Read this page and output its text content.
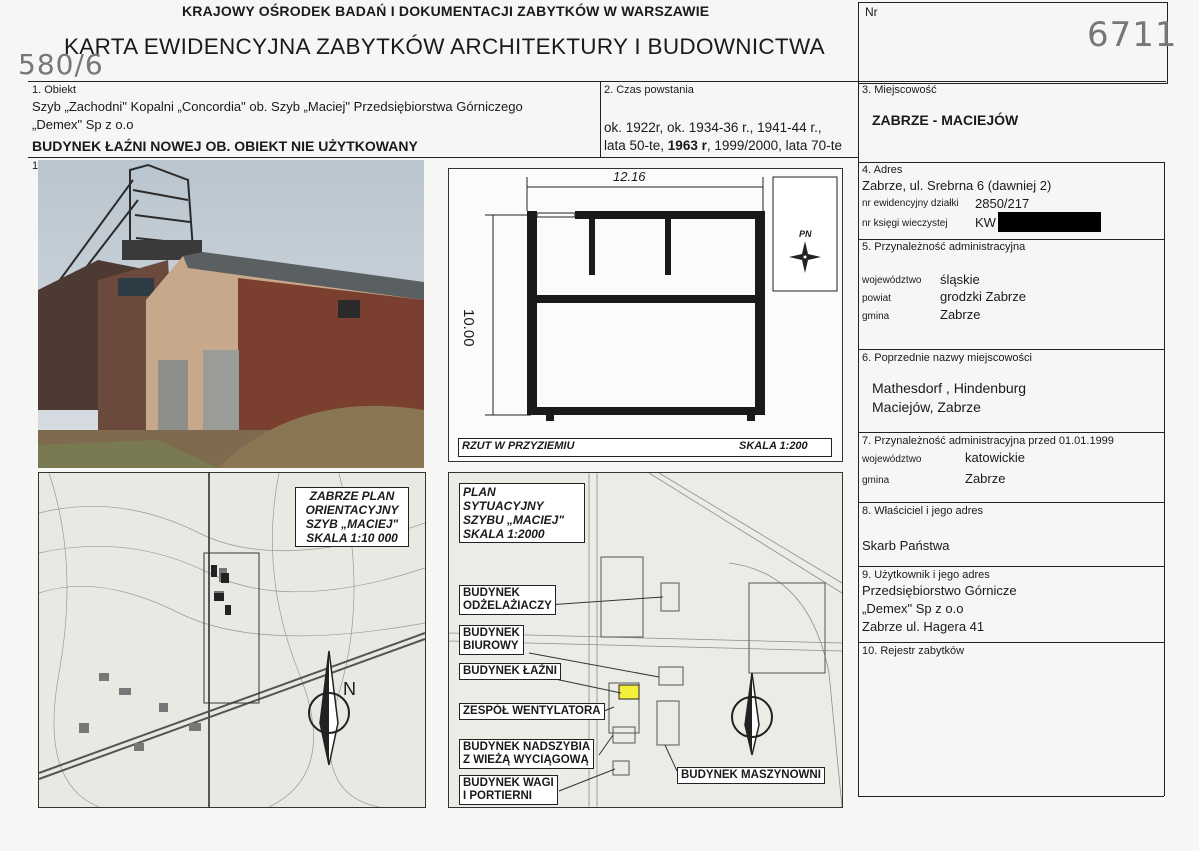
KRAJOWY OŚRODEK BADAŃ I DOKUMENTACJI ZABYTKÓW W WARSZAWIE
KARTA EWIDENCYJNA ZABYTKÓW ARCHITEKTURY I BUDOWNICTWA
580/6
Nr
6711
1. Obiekt
Szyb „Zachodni" Kopalni „Concordia" ob. Szyb „Maciej" Przedsiębiorstwa Górniczego
„Demex" Sp z o.o
BUDYNEK ŁAŹNI NOWEJ OB. OBIEKT NIE UŻYTKOWANY
2. Czas powstania
ok. 1922r, ok. 1934-36 r., 1941-44 r.,
lata 50-te, 1963 r, 1999/2000, lata 70-te
3. Miejscowość
ZABRZE - MACIEJÓW
4. Adres
Zabrze, ul. Srebrna 6 (dawniej 2)
nr ewidencyjny działki 2850/217
nr księgi wieczystej KW
5. Przynależność administracyjna
województwo śląskie
powiat	grodzki Zabrze
gmina	Zabrze
6. Poprzednie nazwy miejscowości
Mathesdorf , Hindenburg
Maciejów, Zabrze
7. Przynależność administracyjna przed 01.01.1999
województwo	katowickie
gmina	Zabrze
8. Właściciel i jego adres
Skarb Państwa
9. Użytkownik i jego adres
Przedsiębiorstwo Górnicze
„Demex" Sp z o.o
Zabrze ul. Hagera 41
10. Rejestr zabytków
1
12.16
10.00
PN
RZUT W PRZYZIEMIU	SKALA 1:200
ZABRZE PLAN
ORIENTACYJNY
SZYB „MACIEJ"
SKALA 1:10 000
N
PLAN
SYTUACYJNY
SZYBU „MACIEJ"
SKALA 1:2000
BUDYNEK
ODŻELAŻIACZY
BUDYNEK
BIUROWY
BUDYNEK ŁAŹNI
ZESPÓŁ WENTYLATORA
BUDYNEK NADSZYBIA
Z WIEŻĄ WYCIĄGOWĄ
BUDYNEK WAGI
I PORTIERNI
BUDYNEK MASZYNOWNI
